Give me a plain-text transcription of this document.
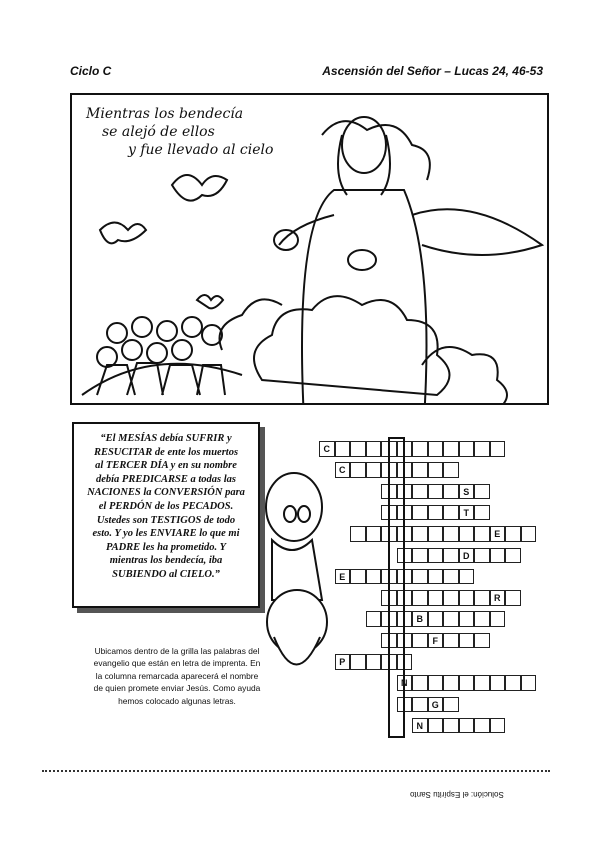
Ciclo C	Ascensión del Señor – Lucas 24, 46-53
Mientras los bendecía
se alejó de ellos
y fue llevado al cielo
“El MESÍAS debía SUFRIR y
RESUCITAR de ente los muertos
al TERCER DÍA y en su nombre
debía PREDICARSE a todas las
NACIONES la CONVERSIÓN para
el PERDÓN de los PECADOS.
Ustedes son TESTIGOS de todo
esto. Y yo les ENVIARE lo que mi
PADRE les ha prometido. Y
mientras los bendecía, iba
SUBIENDO al CIELO.”
Ubicamos dentro de la grilla las palabras del evangelio que están en letra de imprenta. En la columna remarcada aparecerá el nombre de quien promete enviar Jesús. Como ayuda hemos colocado algunas letras.
C
C
S
T
E
D
E
R
B
F
P
N
G
N
Solución: el Espíritu Santo
